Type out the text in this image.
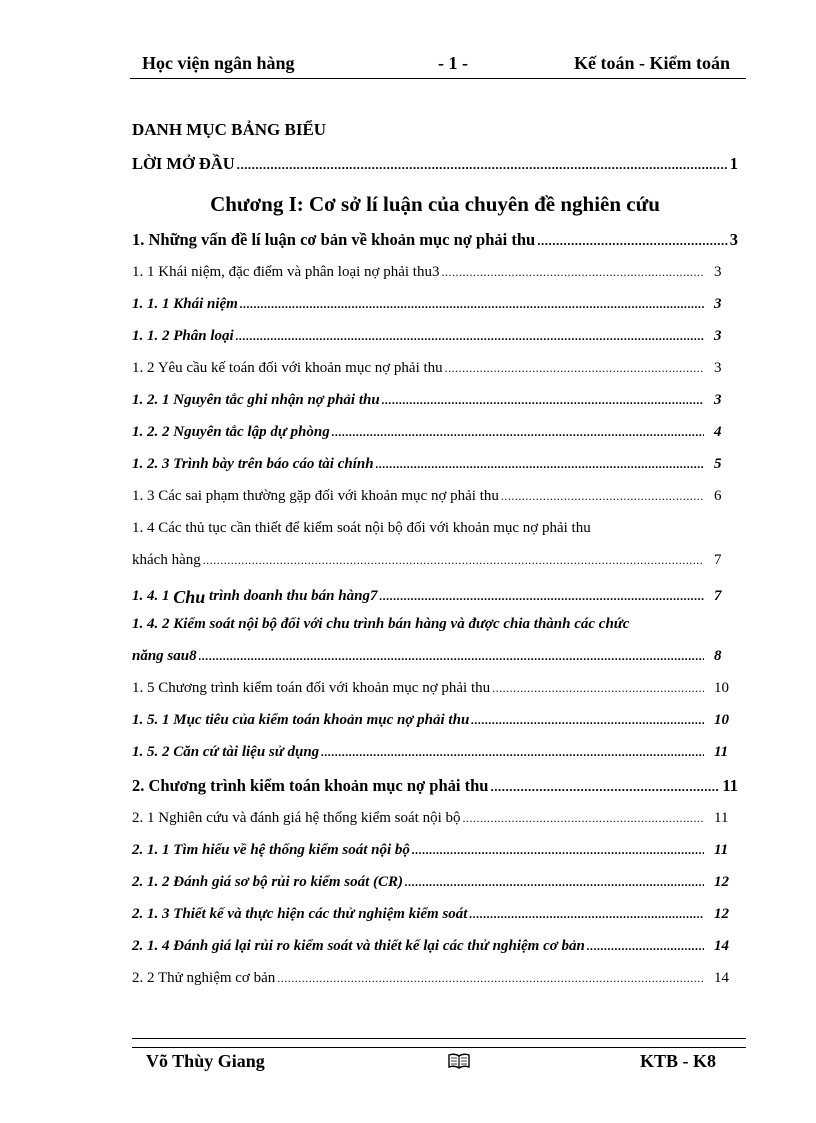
Học viện ngân hàng	- 1 -	Kế toán - Kiểm toán
DANH MỤC BẢNG BIỂU
LỜI MỞ ĐẦU .....	1
Chương I: Cơ sở lí luận của chuyên đề nghiên cứu
1. Những vấn đề lí luận cơ bản về khoản mục nợ phải thu .....	3
1. 1 Khái niệm, đặc điểm và phân loại nợ phải thu3 .....	3
1. 1. 1 Khái niệm .....	3
1. 1. 2 Phân loại .....	3
1. 2 Yêu cầu kế toán đối với khoản mục nợ phải thu .....	3
1. 2. 1 Nguyên tắc ghi nhận nợ phải thu .....	3
1. 2. 2 Nguyên tắc lập dự phòng .....	4
1. 2. 3 Trình bày trên báo cáo tài chính .....	5
1. 3 Các sai phạm thường gặp đối với khoản mục nợ phải thu .....	6
1. 4 Các thủ tục cần thiết để kiểm soát nội bộ đối với khoản mục nợ phải thu
khách hàng .....	7
1. 4. 1 Chu trình doanh thu bán hàng7 .....	7
1. 4. 2 Kiểm soát nội bộ đối với chu trình bán hàng và được chia thành các chức
năng sau8 .....	8
1. 5 Chương trình kiểm toán đối với khoản mục nợ phải thu .....	10
1. 5. 1 Mục tiêu của kiểm toán khoản mục nợ phải thu .....	10
1. 5. 2 Căn cứ tài liệu sử dụng .....	11
2. Chương trình kiểm toán khoản mục nợ phải thu .....	11
2. 1 Nghiên cứu và đánh giá hệ thống kiểm soát nội bộ .....	11
2. 1. 1 Tìm hiểu về hệ thống kiểm soát nội bộ .....	11
2. 1. 2 Đánh giá sơ bộ rủi ro kiểm soát (CR) .....	12
2. 1. 3 Thiết kế và thực hiện các thử nghiệm kiểm soát .....	12
2. 1. 4 Đánh giá lại rủi ro kiểm soát và thiết kế lại các thử nghiệm cơ bản .....	14
2. 2 Thử nghiệm cơ bản .....	14
Võ Thùy Giang	KTB - K8
